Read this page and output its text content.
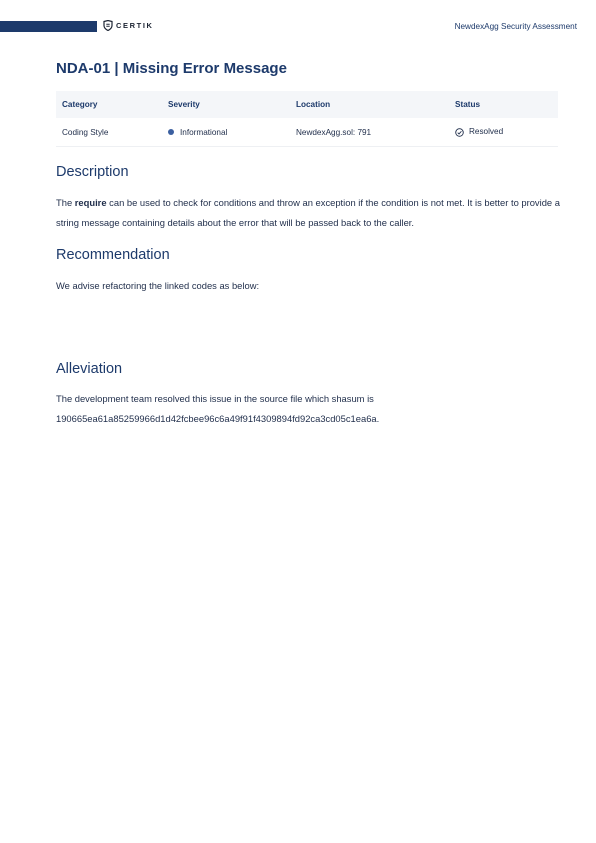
CERTIK	NewdexAgg Security Assessment
NDA-01 | Missing Error Message
Category	Severity	Location	Status
Coding Style	Informational	NewdexAgg.sol: 791	Resolved
Description

The require can be used to check for conditions and throw an exception if the condition is not met. It is better to provide a string message containing details about the error that will be passed back to the caller.

Recommendation

We advise refactoring the linked codes as below:

Alleviation

The development team resolved this issue in the source file which shasum is 190665ea61a85259966d1d42fcbee96c6a49f91f4309894fd92ca3cd05c1ea6a.
